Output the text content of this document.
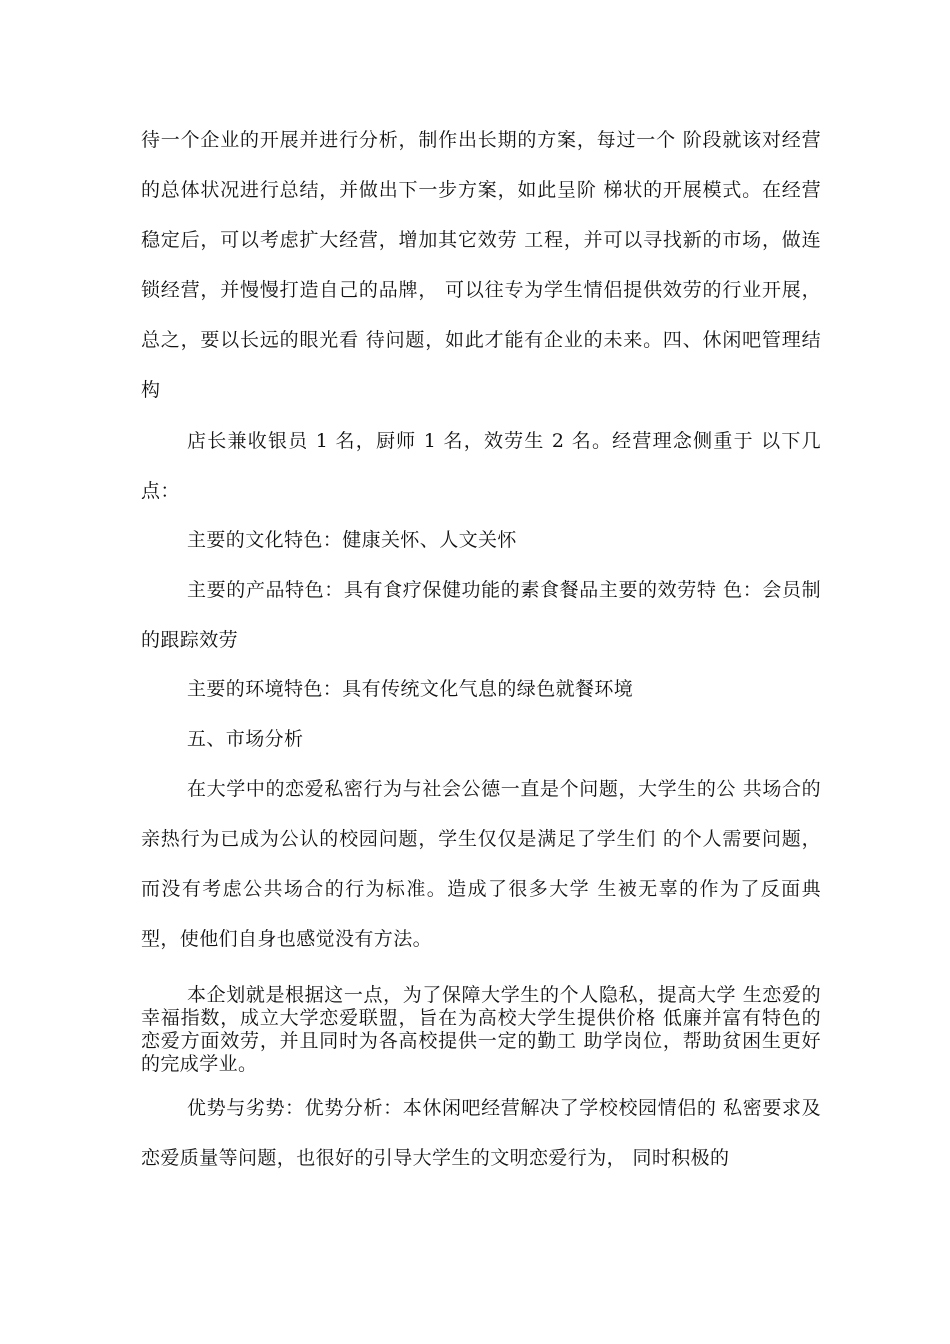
待一个企业的开展并进行分析，制作出长期的方案，每过一个 阶段就该对经营的总体状况进行总结，并做出下一步方案，如此呈阶 梯状的开展模式。在经营稳定后，可以考虑扩大经营，增加其它效劳 工程，并可以寻找新的市场，做连锁经营，并慢慢打造自己的品牌， 可以往专为学生情侣提供效劳的行业开展，总之，要以长远的眼光看 待问题，如此才能有企业的未来。四、休闲吧管理结构

店长兼收银员 1 名，厨师 1 名，效劳生 2 名。经营理念侧重于 以下几点：

主要的文化特色：健康关怀、人文关怀

主要的产品特色：具有食疗保健功能的素食餐品主要的效劳特 色：会员制的跟踪效劳

主要的环境特色：具有传统文化气息的绿色就餐环境

五、市场分析

在大学中的恋爱私密行为与社会公德一直是个问题，大学生的公 共场合的亲热行为已成为公认的校园问题，学生仅仅是满足了学生们 的个人需要问题，而没有考虑公共场合的行为标准。造成了很多大学 生被无辜的作为了反面典型，使他们自身也感觉没有方法。

本企划就是根据这一点，为了保障大学生的个人隐私，提高大学 生恋爱的幸福指数，成立大学恋爱联盟，旨在为高校大学生提供价格 低廉并富有特色的恋爱方面效劳，并且同时为各高校提供一定的勤工 助学岗位，帮助贫困生更好的完成学业。

优势与劣势：优势分析：本休闲吧经营解决了学校校园情侣的 私密要求及恋爱质量等问题，也很好的引导大学生的文明恋爱行为， 同时积极的
